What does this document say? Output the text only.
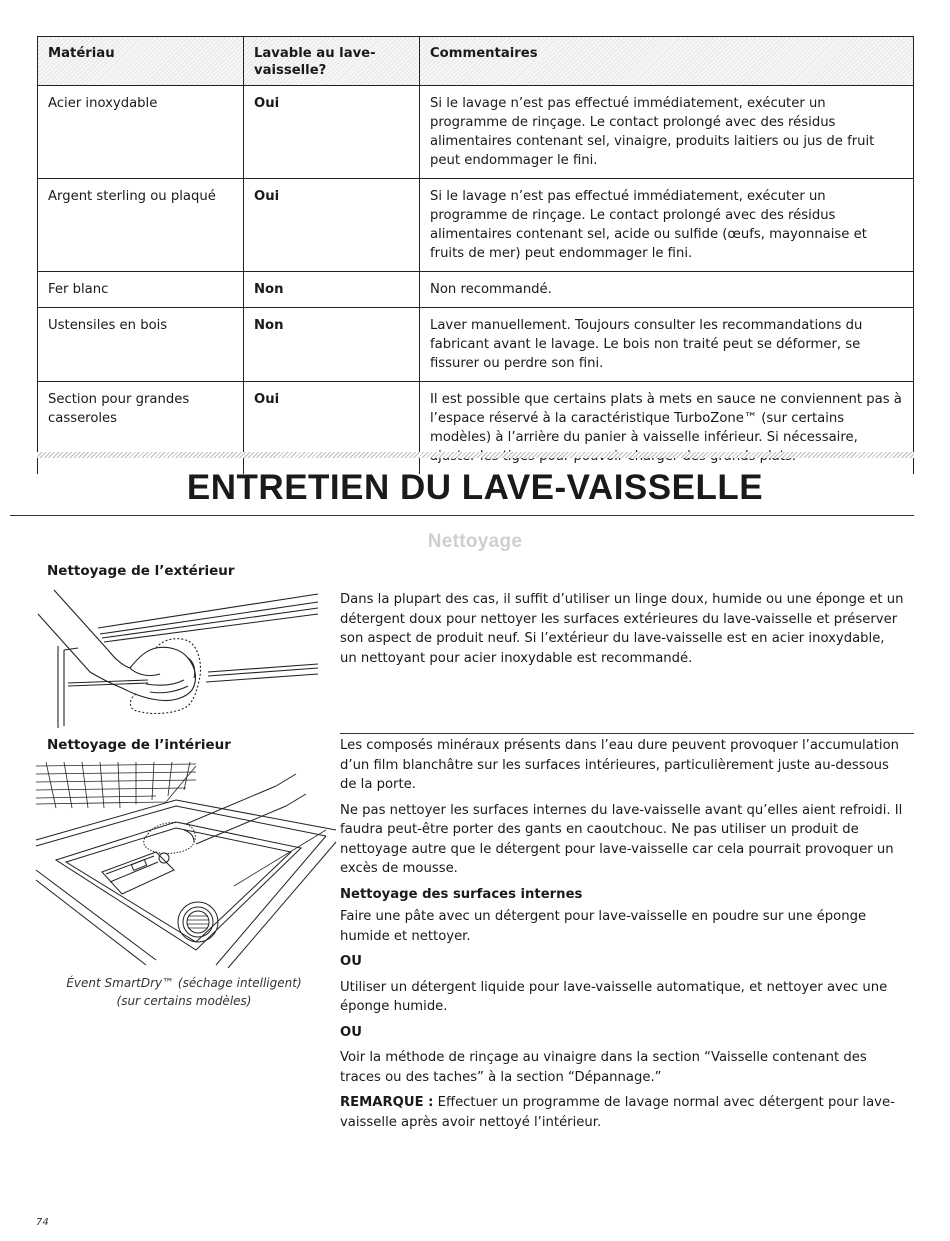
Matériau	Lavable au lave-vaisselle?	Commentaires
Acier inoxydable	Oui	Si le lavage n’est pas effectué immédiatement, exécuter un programme de rinçage. Le contact prolongé avec des résidus alimentaires contenant sel, vinaigre, produits laitiers ou jus de fruit peut endommager le fini.
Argent sterling ou plaqué	Oui	Si le lavage n’est pas effectué immédiatement, exécuter un programme de rinçage. Le contact prolongé avec des résidus alimentaires contenant sel, acide ou sulfide (œufs, mayonnaise et fruits de mer) peut endommager le fini.
Fer blanc	Non	Non recommandé.
Ustensiles en bois	Non	Laver manuellement. Toujours consulter les recommandations du fabricant avant le lavage. Le bois non traité peut se déformer, se fissurer ou perdre son fini.
Section pour grandes casseroles	Oui	Il est possible que certains plats à mets en sauce ne conviennent pas à l’espace réservé à la caractéristique TurboZone™ (sur certains modèles) à l’arrière du panier à vaisselle inférieur. Si nécessaire,
ENTRETIEN DU LAVE-VAISSELLE
Nettoyage
Nettoyage de l’extérieur
Dans la plupart des cas, il suffit d’utiliser un linge doux, humide ou une éponge et un détergent doux pour nettoyer les surfaces extérieures du lave-vaisselle et préserver son aspect de produit neuf. Si l’extérieur du lave-vaisselle est en acier inoxydable, un nettoyant pour acier inoxydable est recommandé.
Nettoyage de l’intérieur
Évent SmartDry™ (séchage intelligent)
(sur certains modèles)

Les composés minéraux présents dans l’eau dure peuvent provoquer l’accumulation d’un film blanchâtre sur les surfaces intérieures, particulièrement juste au-dessous de la porte.

Ne pas nettoyer les surfaces internes du lave-vaisselle avant qu’elles aient refroidi. Il faudra peut-être porter des gants en caoutchouc. Ne pas utiliser un produit de nettoyage autre que le détergent pour lave-vaisselle car cela pourrait provoquer un excès de mousse.

Nettoyage des surfaces internes

Faire une pâte avec un détergent pour lave-vaisselle en poudre sur une éponge humide et nettoyer.

OU

Utiliser un détergent liquide pour lave-vaisselle automatique, et nettoyer avec une éponge humide.

OU

Voir la méthode de rinçage au vinaigre dans la section “Vaisselle contenant des traces ou des taches” à la section “Dépannage.”

REMARQUE : Effectuer un programme de lavage normal avec détergent pour lave-vaisselle après avoir nettoyé l’intérieur.

74
